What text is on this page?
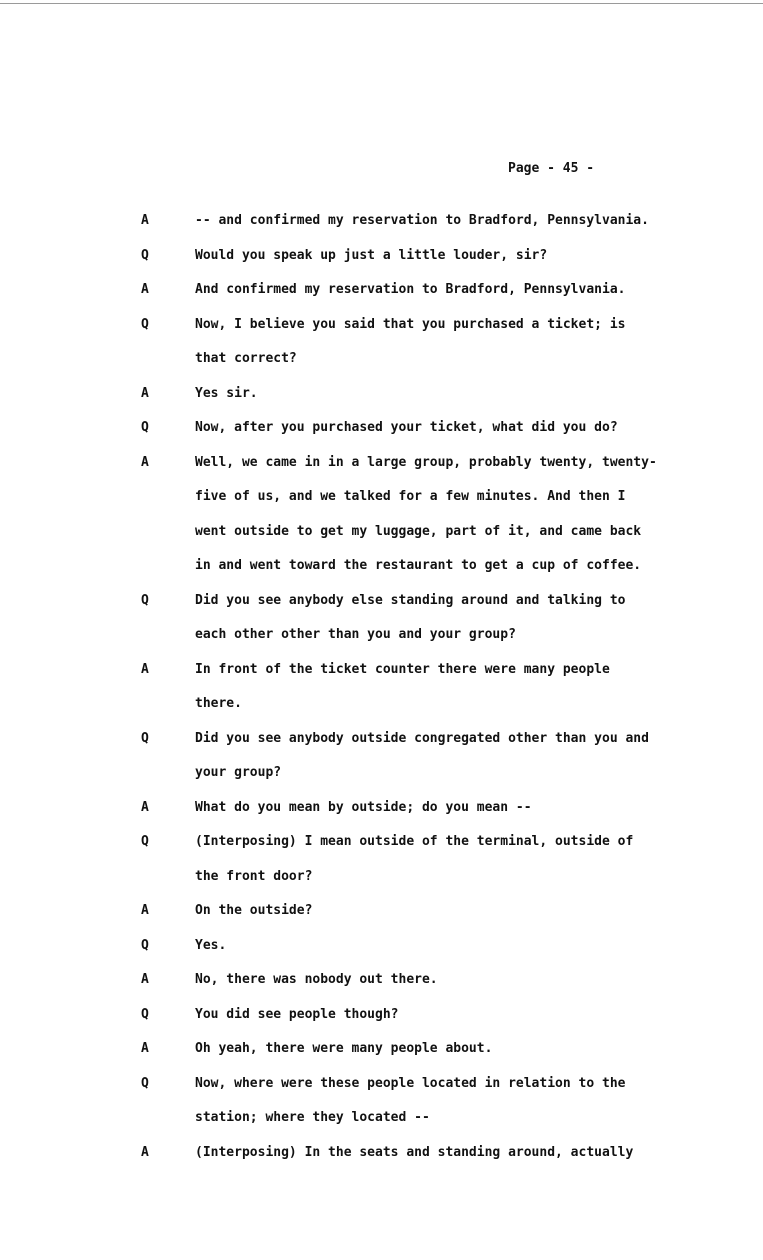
Page - 45 -
A	-- and confirmed my reservation to Bradford, Pennsylvania.
Q	Would you speak up just a little louder, sir?
A	And confirmed my reservation to Bradford, Pennsylvania.
Q	Now, I believe you said that you purchased a ticket; is
that correct?
A	Yes sir.
Q	Now, after you purchased your ticket, what did you do?
A	Well, we came in in a large group, probably twenty, twenty-
five of us, and we talked for a few minutes. And then I
went outside to get my luggage, part of it, and came back
in and went toward the restaurant to get a cup of coffee.
Q	Did you see anybody else standing around and talking to
each other other than you and your group?
A	In front of the ticket counter there were many people
there.
Q	Did you see anybody outside congregated other than you and
your group?
A	What do you mean by outside; do you mean --
Q	(Interposing) I mean outside of the terminal, outside of
the front door?
A	On the outside?
Q	Yes.
A	No, there was nobody out there.
Q	You did see people though?
A	Oh yeah, there were many people about.
Q	Now, where were these people located in relation to the
station; where they located --
A	(Interposing) In the seats and standing around, actually
